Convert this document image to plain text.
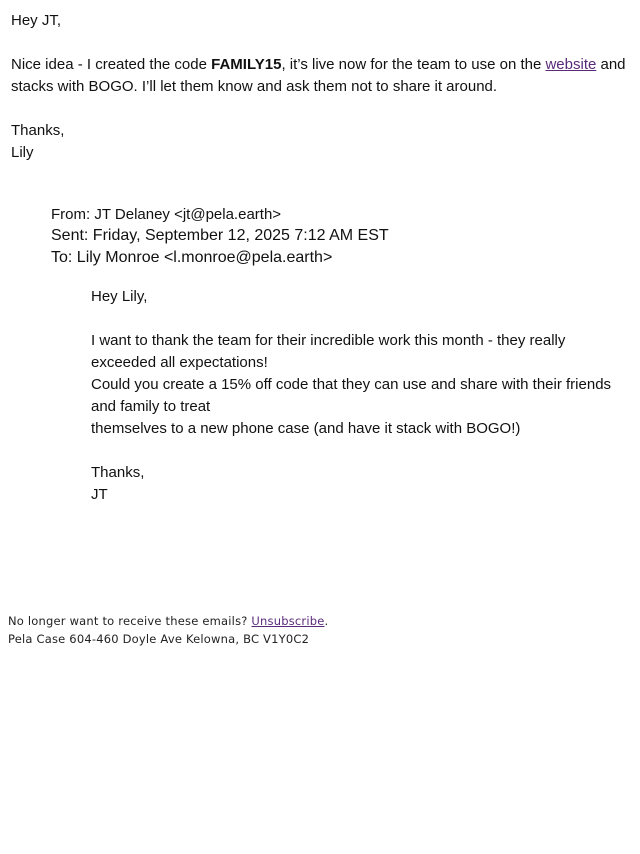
Hey JT,

Nice idea - I created the code FAMILY15, it’s live now for the team to use on the website and stacks with BOGO. I’ll let them know and ask them not to share it around.

Thanks,

Lily

From: JT Delaney <jt@pela.earth>
Sent: Friday, September 12, 2025 7:12 AM EST
To: Lily Monroe <l.monroe@pela.earth>

Hey Lily,

I want to thank the team for their incredible work this month - they really exceeded all expectations!

Could you create a 15% off code that they can use and share with their friends and family to treat

themselves to a new phone case (and have it stack with BOGO!)

Thanks,

JT

No longer want to receive these emails? Unsubscribe.
Pela Case 604-460 Doyle Ave Kelowna, BC V1Y0C2
